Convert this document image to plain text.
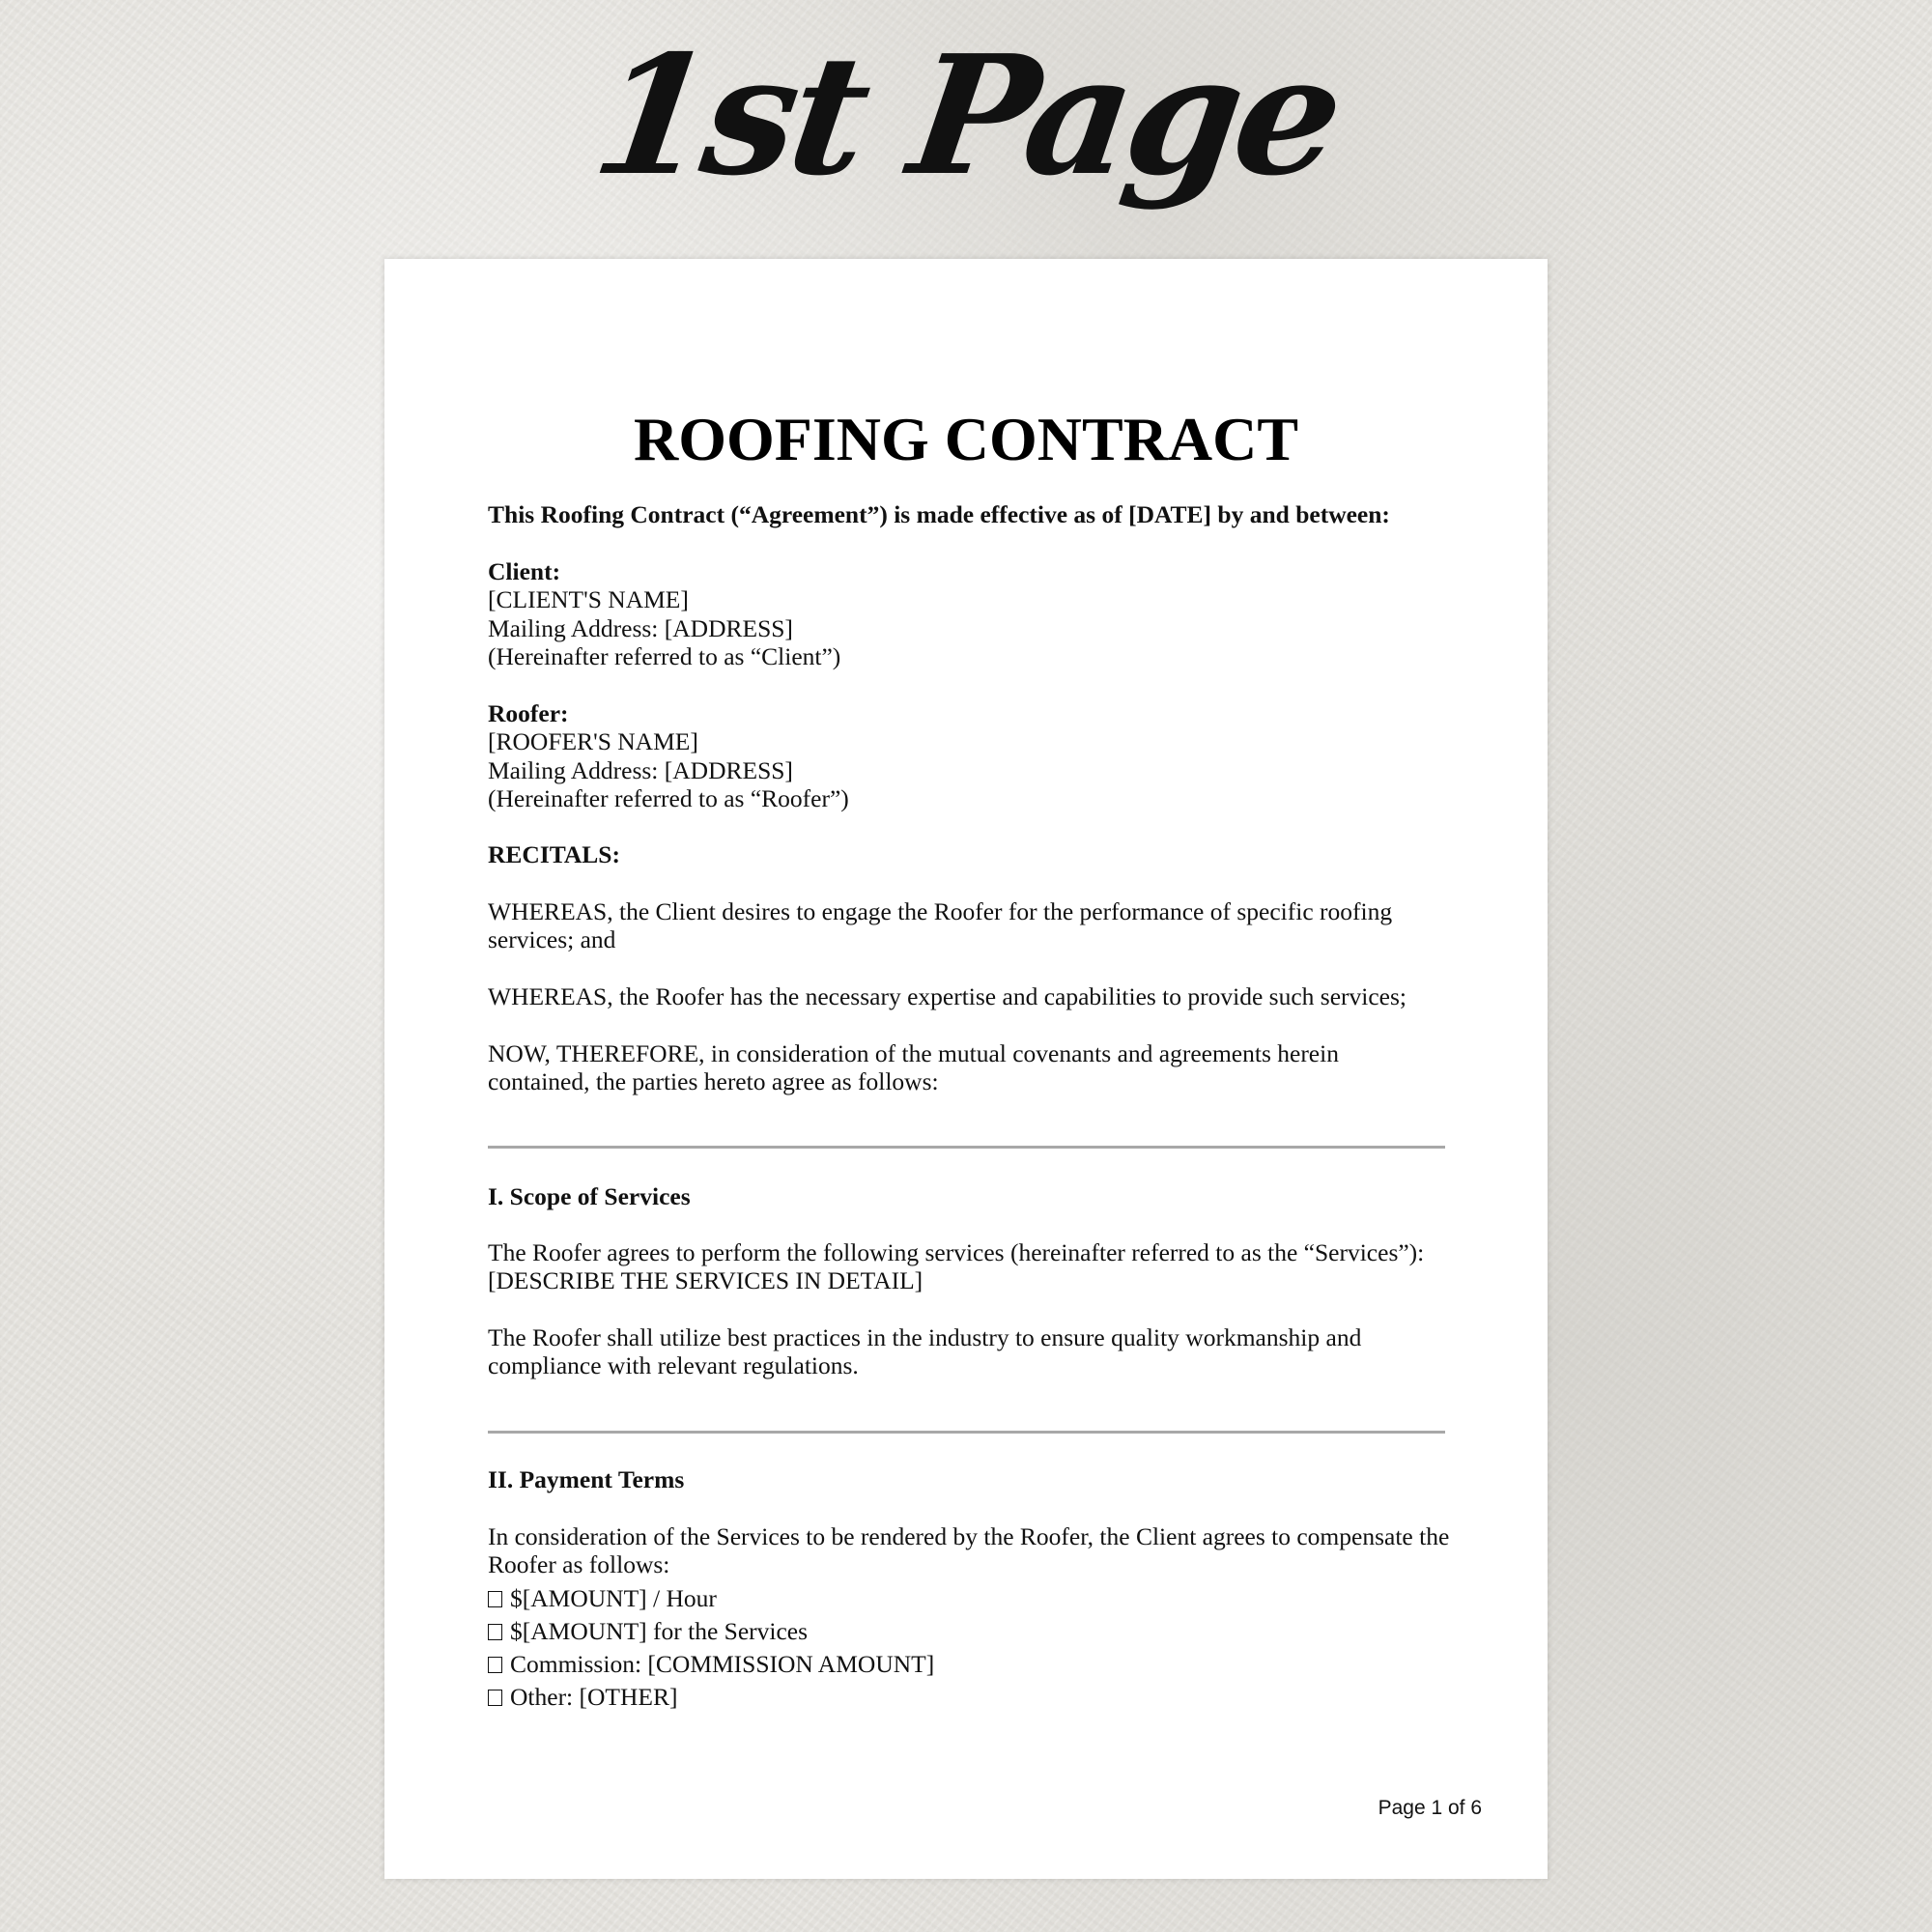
1st Page
ROOFING CONTRACT
This Roofing Contract (“Agreement”) is made effective as of [DATE] by and between:
Client:
[CLIENT'S NAME]
Mailing Address: [ADDRESS]
(Hereinafter referred to as “Client”)
Roofer:
[ROOFER'S NAME]
Mailing Address: [ADDRESS]
(Hereinafter referred to as “Roofer”)
RECITALS:
WHEREAS, the Client desires to engage the Roofer for the performance of specific roofing services; and
WHEREAS, the Roofer has the necessary expertise and capabilities to provide such services;
NOW, THEREFORE, in consideration of the mutual covenants and agreements herein contained, the parties hereto agree as follows:
I. Scope of Services
The Roofer agrees to perform the following services (hereinafter referred to as the “Services”):
[DESCRIBE THE SERVICES IN DETAIL]
The Roofer shall utilize best practices in the industry to ensure quality workmanship and compliance with relevant regulations.
II. Payment Terms
In consideration of the Services to be rendered by the Roofer, the Client agrees to compensate the Roofer as follows:
$[AMOUNT] / Hour
$[AMOUNT] for the Services
Commission: [COMMISSION AMOUNT]
Other: [OTHER]
Page 1 of 6
